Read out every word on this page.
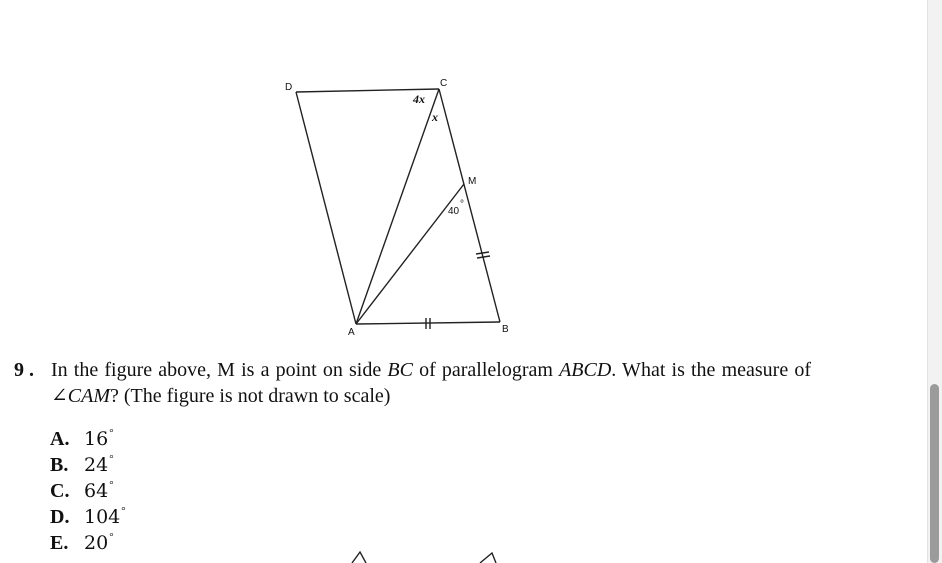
D	C
M
A	B
4x
x
40
°
9 . In the figure above, M is a point on side BC of parallelogram ABCD. What is the measure of ∠CAM? (The figure is not drawn to scale)
A. 16°
B. 24°
C. 64°
D. 104°
E. 20°
